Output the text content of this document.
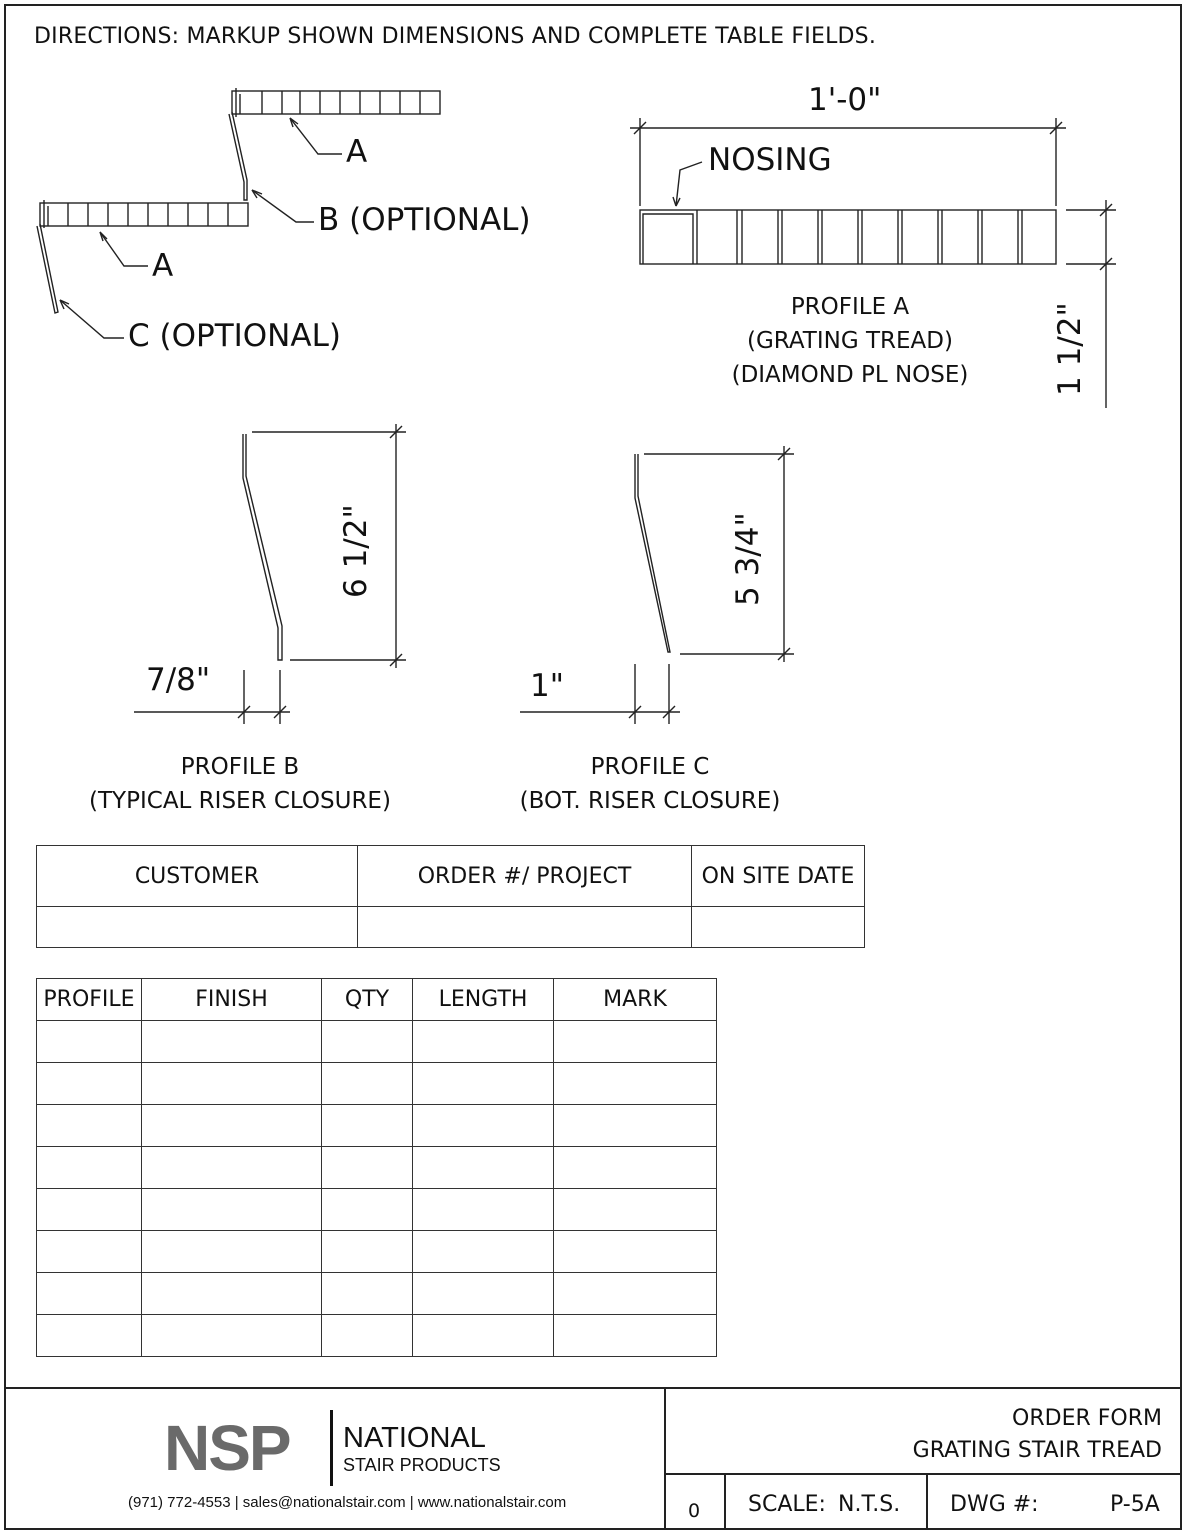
DIRECTIONS: MARKUP SHOWN DIMENSIONS AND COMPLETE TABLE FIELDS.
A
B (OPTIONAL)
A
C (OPTIONAL)
1'-0"
NOSING
1 1/2"
PROFILE A
(GRATING TREAD)
(DIAMOND PL NOSE)
6 1/2"
7/8"
PROFILE B
(TYPICAL RISER CLOSURE)
5 3/4"
1"
PROFILE C
(BOT. RISER CLOSURE)
CUSTOMER	ORDER #/ PROJECT	ON SITE DATE

PROFILE	FINISH	QTY	LENGTH	MARK

NSP NATIONAL
STAIR PRODUCTS
(971) 772-4553 | sales@nationalstair.com | www.nationalstair.com
ORDER FORM
GRATING STAIR TREAD
0 SCALE: N.T.S. DWG #:	P-5A
